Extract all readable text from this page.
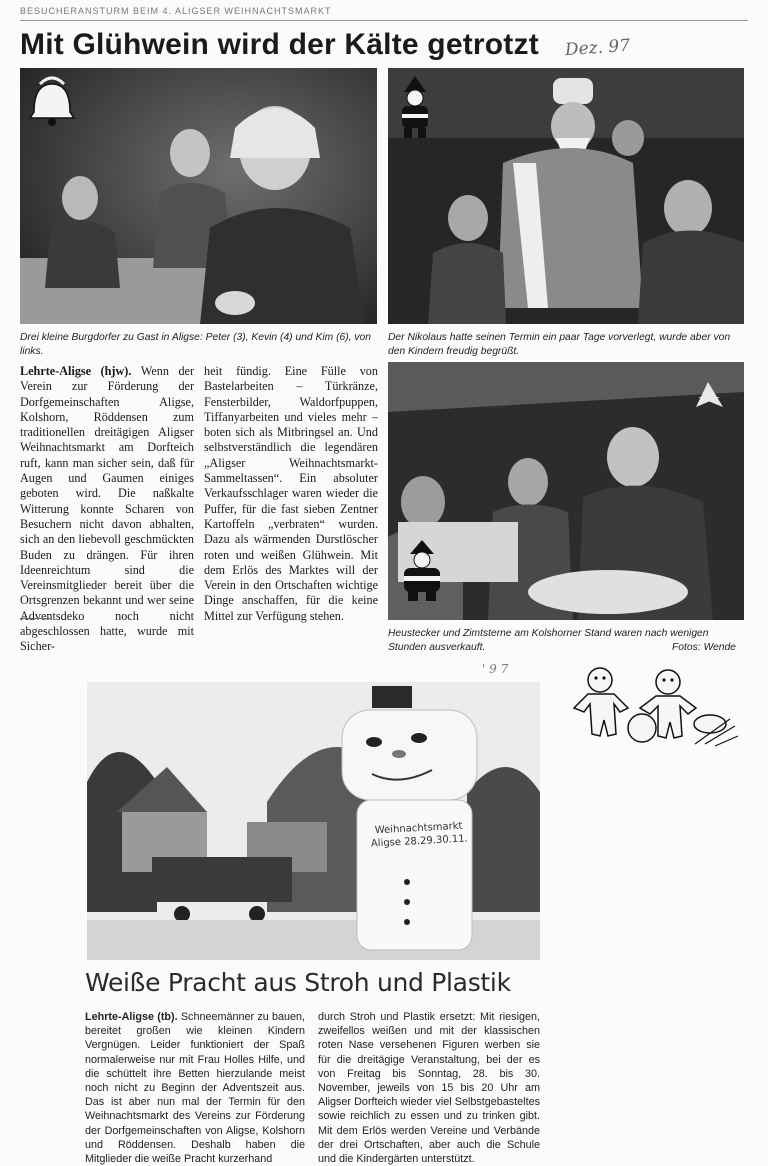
BESUCHERANSTURM BEIM 4. ALIGSER WEIHNACHTSMARKT
Mit Glühwein wird der Kälte getrotzt Dez. 97
Drei kleine Burgdorfer zu Gast in Aligse: Peter (3), Kevin (4) und Kim (6), von links.
Der Nikolaus hatte seinen Termin ein paar Tage vorverlegt, wurde aber von den Kindern freudig begrüßt.
Lehrte-Aligse (hjw). Wenn der Verein zur Förderung der Dorfgemeinschaften Aligse, Kolshorn, Röddensen zum traditionellen dreitägigen Aligser Weihnachtsmarkt am Dorfteich ruft, kann man sicher sein, daß für Augen und Gaumen einiges geboten wird. Die naßkalte Witterung konnte Scharen von Besuchern nicht davon abhalten, sich an den liebevoll geschmückten Buden zu drängen. Für ihren Ideenreichtum sind die Vereinsmitglieder bereit über die Ortsgrenzen bekannt und wer seine Adventsdeko noch nicht abgeschlossen hatte, wurde mit Sicher-
heit fündig. Eine Fülle von Bastelarbeiten – Türkränze, Fensterbilder, Waldorfpuppen, Tiffanyarbeiten und vieles mehr – boten sich als Mitbringsel an. Und selbstverständlich die legendären „Aligser Weihnachtsmarkt-Sammeltassen“. Ein absoluter Verkaufsschlager waren wieder die Puffer, für die fast sieben Zentner Kartoffeln „verbraten“ wurden. Dazu als wärmenden Durstlöscher roten und weißen Glühwein. Mit dem Erlös des Marktes will der Verein in den Ortschaften wichtige Dinge anschaffen, für die keine Mittel zur Verfügung stehen.
Heustecker und Zimtsterne am Kolshorner Stand waren nach wenigen Stunden ausverkauft.	Fotos: Wende
Weihnachtsmarkt Aligse 28.29.30.11.
' 9 7
Weiße Pracht aus Stroh und Plastik
Lehrte-Aligse (tb). Schneemänner zu bauen, bereitet großen wie kleinen Kindern Vergnügen. Leider funktioniert der Spaß normalerweise nur mit Frau Holles Hilfe, und die schüttelt ihre Betten hierzulande meist noch nicht zu Beginn der Adventszeit aus. Das ist aber nun mal der Termin für den Weihnachtsmarkt des Vereins zur Förderung der Dorfgemeinschaften von Aligse, Kolshorn und Röddensen. Deshalb haben die Mitglieder die weiße Pracht kurzerhand
durch Stroh und Plastik ersetzt: Mit riesigen, zweifellos weißen und mit der klassischen roten Nase versehenen Figuren werben sie für die dreitägige Veranstaltung, bei der es von Freitag bis Sonntag, 28. bis 30. November, jeweils von 15 bis 20 Uhr am Aligser Dorfteich wieder viel Selbstgebasteltes sowie reichlich zu essen und zu trinken gibt. Mit dem Erlös werden Vereine und Verbände der drei Ortschaften, aber auch die Schule und die Kindergärten unterstützt.
